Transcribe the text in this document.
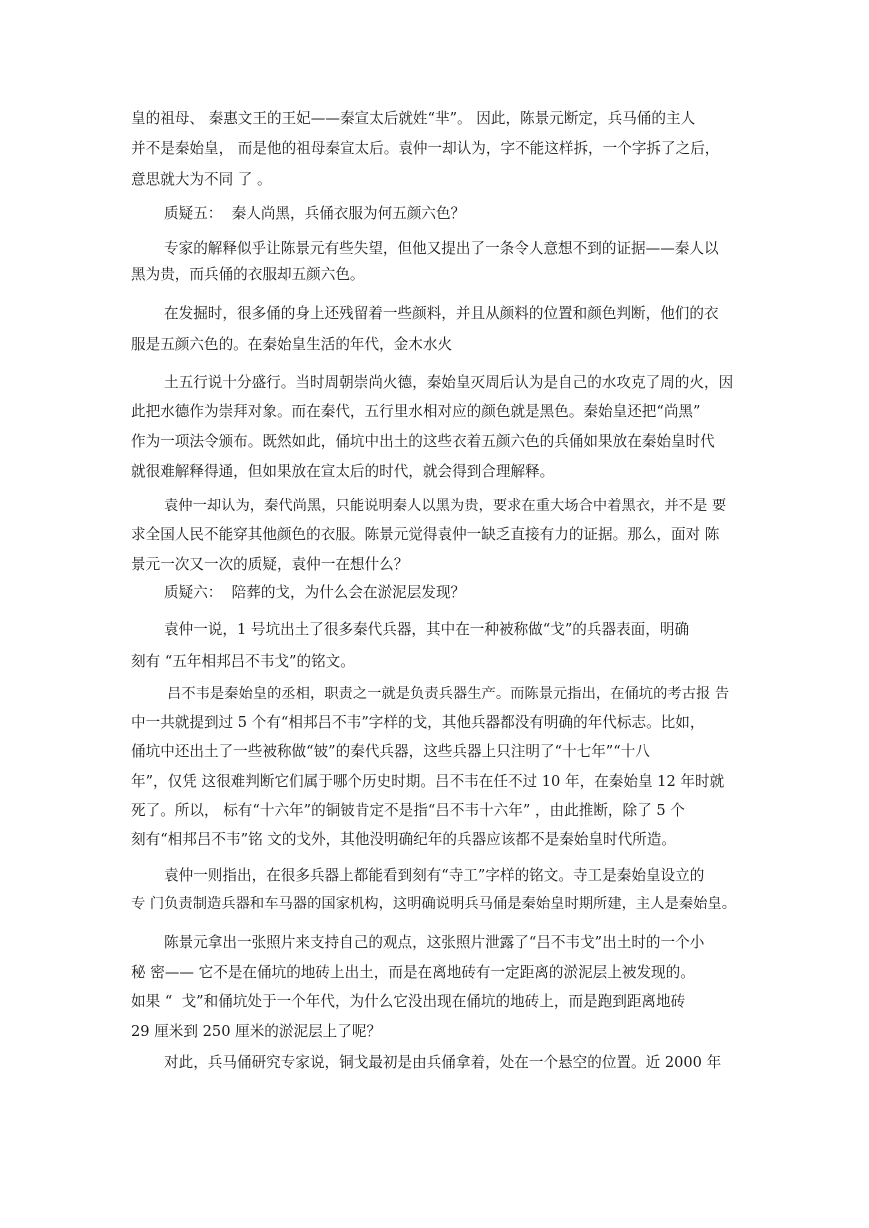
皇的祖母、 秦惠文王的王妃——秦宣太后就姓“芈”。 因此，陈景元断定，兵马俑的主人
并不是秦始皇， 而是他的祖母秦宣太后。袁仲一却认为，字不能这样拆，一个字拆了之后，
意思就大为不同 了 。
质疑五：  秦人尚黑，兵俑衣服为何五颜六色？
专家的解释似乎让陈景元有些失望，但他又提出了一条令人意想不到的证据——秦人以
黑为贵，而兵俑的衣服却五颜六色。
在发掘时，很多俑的身上还残留着一些颜料，并且从颜料的位置和颜色判断，他们的衣
服是五颜六色的。在秦始皇生活的年代，金木水火
土五行说十分盛行。当时周朝崇尚火德，秦始皇灭周后认为是自己的水攻克了周的火，因
此把水德作为崇拜对象。而在秦代，五行里水相对应的颜色就是黑色。秦始皇还把“尚黑”
作为一项法令颁布。既然如此，俑坑中出土的这些衣着五颜六色的兵俑如果放在秦始皇时代
就很难解释得通，但如果放在宣太后的时代，就会得到合理解释。
袁仲一却认为，秦代尚黑，只能说明秦人以黑为贵，要求在重大场合中着黑衣，并不是 要
求全国人民不能穿其他颜色的衣服。陈景元觉得袁仲一缺乏直接有力的证据。那么，面对 陈
景元一次又一次的质疑，袁仲一在想什么？
质疑六：  陪葬的戈，为什么会在淤泥层发现？
袁仲一说，1 号坑出土了很多秦代兵器，其中在一种被称做“戈”的兵器表面，明确
刻有 “五年相邦吕不韦戈”的铭文。
吕不韦是秦始皇的丞相，职责之一就是负责兵器生产。而陈景元指出，在俑坑的考古报 告
中一共就提到过 5 个有“相邦吕不韦”字样的戈，其他兵器都没有明确的年代标志。比如，
俑坑中还出土了一些被称做“铍”的秦代兵器，这些兵器上只注明了“十七年”“十八
年”，仅凭 这很难判断它们属于哪个历史时期。吕不韦在任不过 10 年，在秦始皇 12 年时就
死了。所以， 标有“十六年”的铜铍肯定不是指“吕不韦十六年” ，由此推断，除了 5 个
刻有“相邦吕不韦”铭 文的戈外，其他没明确纪年的兵器应该都不是秦始皇时代所造。
袁仲一则指出，在很多兵器上都能看到刻有“寺工”字样的铭文。寺工是秦始皇设立的
专 门负责制造兵器和车马器的国家机构，这明确说明兵马俑是秦始皇时期所建，主人是秦始皇。
陈景元拿出一张照片来支持自己的观点，这张照片泄露了“吕不韦戈”出土时的一个小
秘 密—— 它不是在俑坑的地砖上出土，而是在离地砖有一定距离的淤泥层上被发现的。
如果 “  戈”和俑坑处于一个年代，为什么它没出现在俑坑的地砖上，而是跑到距离地砖
29 厘米到 250 厘米的淤泥层上了呢？
对此，兵马俑研究专家说，铜戈最初是由兵俑拿着，处在一个悬空的位置。近 2000 年
